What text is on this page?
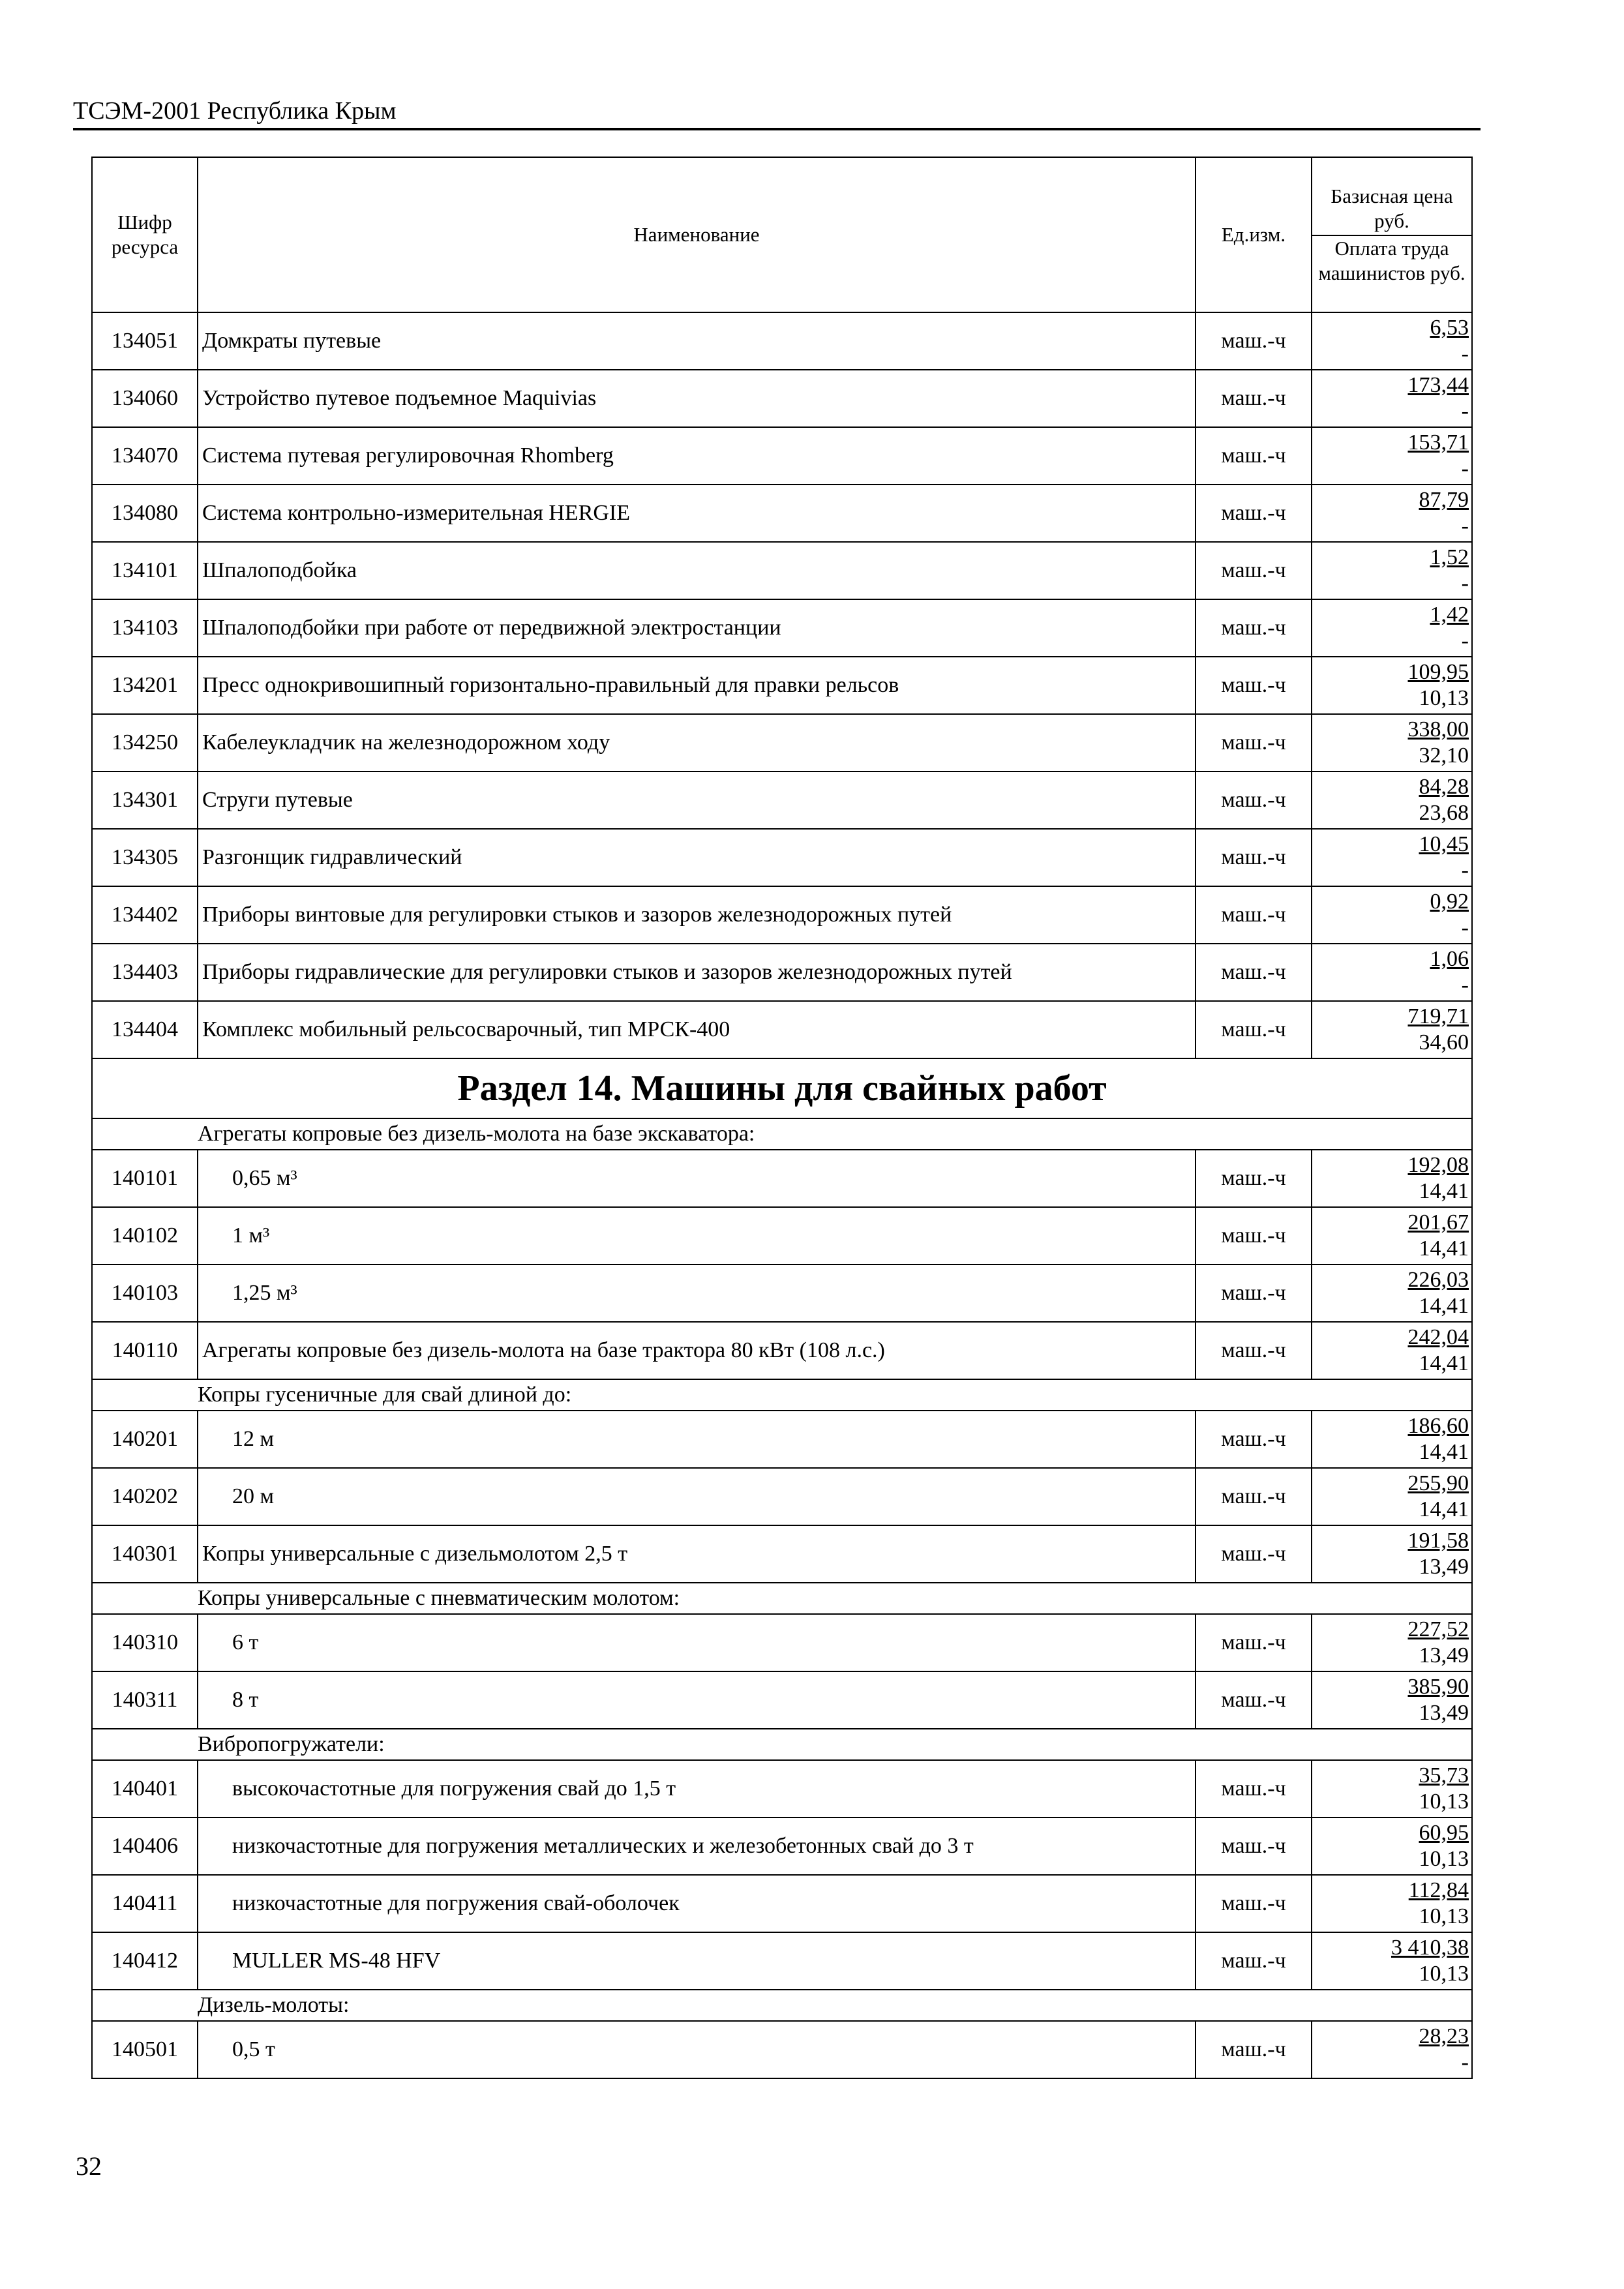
ТСЭМ-2001 Республика Крым
Шифр ресурса	Наименование	Ед.изм.	Базисная цена руб.
Оплата труда машинистов руб.

134051	Домкраты путевые	маш.-ч	6,53
-

134060	Устройство путевое подъемное Maquivias	маш.-ч	173,44
-

134070	Система путевая регулировочная Rhomberg	маш.-ч	153,71
-

134080	Система контрольно-измерительная HERGIE	маш.-ч	87,79
-

134101	Шпалоподбойка	маш.-ч	1,52
-

134103	Шпалоподбойки при работе от передвижной электростанции	маш.-ч	1,42
-

134201	Пресс однокривошипный горизонтально-правильный для правки рельсов	маш.-ч	109,95
10,13

134250	Кабелеукладчик на железнодорожном ходу	маш.-ч	338,00
32,10

134301	Струги путевые	маш.-ч	84,28
23,68

134305	Разгонщик гидравлический	маш.-ч	10,45
-

134402	Приборы винтовые для регулировки стыков и зазоров железнодорожных путей	маш.-ч	0,92
-

134403	Приборы гидравлические для регулировки стыков и зазоров железнодорожных путей	маш.-ч	1,06
-

134404	Комплекс мобильный рельсосварочный, тип МРСК-400	маш.-ч	719,71
34,60

Раздел 14. Машины для свайных работ			
	Агрегаты копровые без дизель-молота на базе экскаватора:		
140101	0,65 м³	маш.-ч	192,08
14,41

140102	1 м³	маш.-ч	201,67
14,41

140103	1,25 м³	маш.-ч	226,03
14,41

140110	Агрегаты копровые без дизель-молота на базе трактора 80 кВт (108 л.с.)	маш.-ч	242,04
14,41

	Копры гусеничные для свай длиной до:		
140201	12 м	маш.-ч	186,60
14,41

140202	20 м	маш.-ч	255,90
14,41

140301	Копры универсальные с дизельмолотом 2,5 т	маш.-ч	191,58
13,49

	Копры универсальные с пневматическим молотом:		
140310	6 т	маш.-ч	227,52
13,49

140311	8 т	маш.-ч	385,90
13,49

	Вибропогружатели:		
140401	высокочастотные для погружения свай до 1,5 т	маш.-ч	35,73
10,13

140406	низкочастотные для погружения металлических и железобетонных свай до 3 т	маш.-ч	60,95
10,13

140411	низкочастотные для погружения свай-оболочек	маш.-ч	112,84
10,13

140412	MULLER MS-48 HFV	маш.-ч	3 410,38
10,13

	Дизель-молоты:		
140501	0,5 т	маш.-ч	28,23
-
32
